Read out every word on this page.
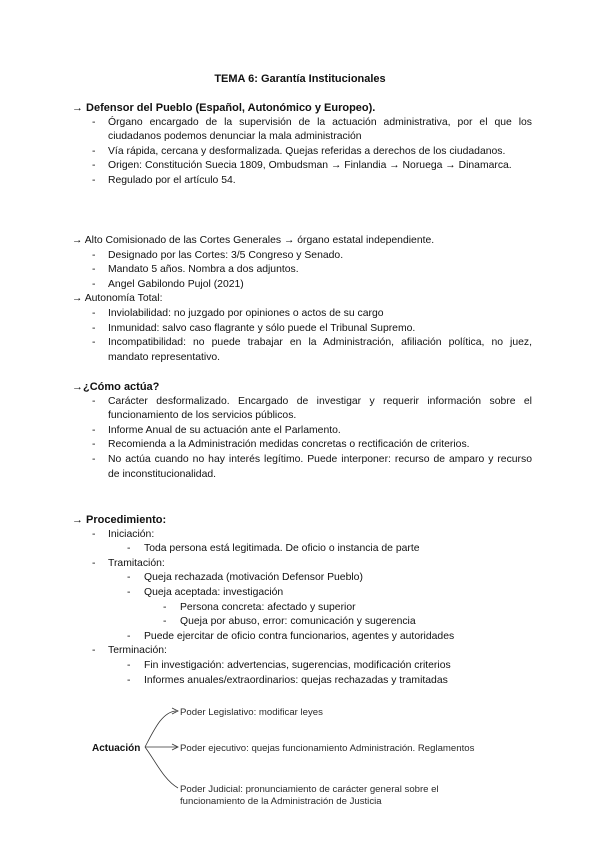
TEMA 6: Garantía Institucionales
→ Defensor del Pueblo (Español, Autonómico y Europeo).
- Órgano encargado de la supervisión de la actuación administrativa, por el que los ciudadanos podemos denunciar la mala administración
- Vía rápida, cercana y desformalizada. Quejas referidas a derechos de los ciudadanos.
- Origen: Constitución Suecia 1809, Ombudsman → Finlandia → Noruega → Dinamarca.
- Regulado por el artículo 54.
→ Alto Comisionado de las Cortes Generales → órgano estatal independiente.
- Designado por las Cortes: 3/5 Congreso y Senado.
- Mandato 5 años. Nombra a dos adjuntos.
- Angel Gabilondo Pujol (2021)
→ Autonomía Total:
- Inviolabilidad: no juzgado por opiniones o actos de su cargo
- Inmunidad: salvo caso flagrante y sólo puede el Tribunal Supremo.
- Incompatibilidad: no puede trabajar en la Administración, afiliación política, no juez, mandato representativo.
→¿Cómo actúa?
- Carácter desformalizado. Encargado de investigar y requerir información sobre el funcionamiento de los servicios públicos.
- Informe Anual de su actuación ante el Parlamento.
- Recomienda a la Administración medidas concretas o rectificación de criterios.
- No actúa cuando no hay interés legítimo. Puede interponer: recurso de amparo y recurso de inconstitucionalidad.
→ Procedimiento:
- Iniciación:
- Toda persona está legitimada. De oficio o instancia de parte
- Tramitación:
- Queja rechazada (motivación Defensor Pueblo)
- Queja aceptada: investigación
- Persona concreta: afectado y superior
- Queja por abuso, error: comunicación y sugerencia
- Puede ejercitar de oficio contra funcionarios, agentes y autoridades
- Terminación:
- Fin investigación: advertencias, sugerencias, modificación criterios
- Informes anuales/extraordinarios: quejas rechazadas y tramitadas
Actuación
Poder Legislativo: modificar leyes
Poder ejecutivo: quejas funcionamiento Administración. Reglamentos
Poder Judicial: pronunciamiento de carácter general sobre el
funcionamiento de la Administración de Justicia
